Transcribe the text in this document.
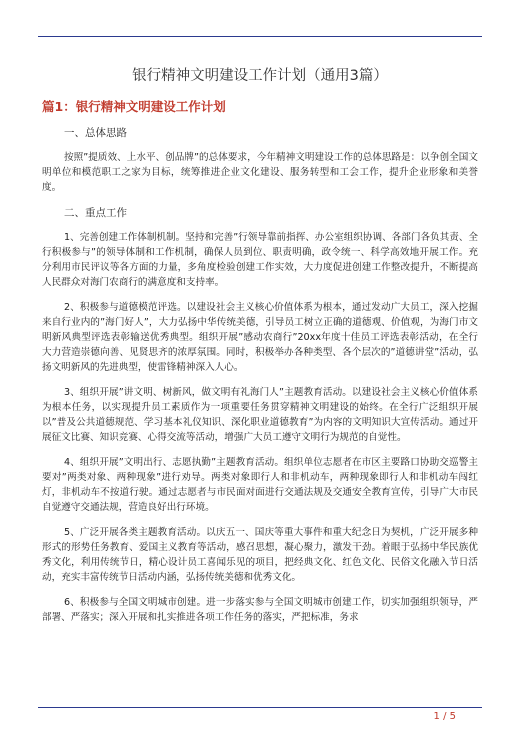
银行精神文明建设工作计划（通用3篇）
篇1：银行精神文明建设工作计划
一、总体思路

按照”提质效、上水平、创品牌”的总体要求，今年精神文明建设工作的总体思路是：以争创全国文明单位和模范职工之家为目标，统筹推进企业文化建设、服务转型和工会工作，提升企业形象和美誉度。

二、重点工作

1、完善创建工作体制机制。坚持和完善”行领导靠前指挥、办公室组织协调、各部门各负其责、全行积极参与”的领导体制和工作机制，确保人员到位、职责明确，政令统一、科学高效地开展工作。充分利用市民评议等各方面的力量，多角度检验创建工作实效，大力度促进创建工作整改提升，不断提高人民群众对海门农商行的满意度和支持率。

2、积极参与道德模范评选。以建设社会主义核心价值体系为根本，通过发动广大员工，深入挖掘来自行业内的”海门好人”，大力弘扬中华传统美德，引导员工树立正确的道德观、价值观，为海门市文明新风典型评选表彰输送优秀典型。组织开展”感动农商行”20xx年度十佳员工评选表彰活动，在全行大力营造崇德向善、见贤思齐的浓厚氛围。同时，积极举办各种类型、各个层次的”道德讲堂”活动，弘扬文明新风的先进典型，使雷锋精神深入人心。

3、组织开展”讲文明、树新风，做文明有礼海门人”主题教育活动。以建设社会主义核心价值体系为根本任务，以实现提升员工素质作为一项重要任务贯穿精神文明建设的始终。在全行广泛组织开展以”普及公共道德规范、学习基本礼仪知识、深化职业道德教育”为内容的文明知识大宣传活动。通过开展征文比赛、知识竞赛、心得交流等活动，增强广大员工遵守文明行为规范的自觉性。

4、组织开展”文明出行、志愿执勤”主题教育活动。组织单位志愿者在市区主要路口协助交巡警主要对”两类对象、两种现象”进行劝导。两类对象即行人和非机动车，两种现象即行人和非机动车闯红灯，非机动车不按道行驶。通过志愿者与市民面对面进行交通法规及交通安全教育宣传，引导广大市民自觉遵守交通法规，营造良好出行环境。

5、广泛开展各类主题教育活动。以庆五一、国庆等重大事件和重大纪念日为契机，广泛开展多种形式的形势任务教育、爱国主义教育等活动，感召思想，凝心聚力，激发干劲。着眼于弘扬中华民族优秀文化，利用传统节日，精心设计员工喜闻乐见的项目，把经典文化、红色文化、民俗文化融入节日活动，充实丰富传统节日活动内涵，弘扬传统美德和优秀文化。

6、积极参与全国文明城市创建。进一步落实参与全国文明城市创建工作，切实加强组织领导，严部署、严落实；深入开展和扎实推进各项工作任务的落实，严把标准，务求

1 / 5
